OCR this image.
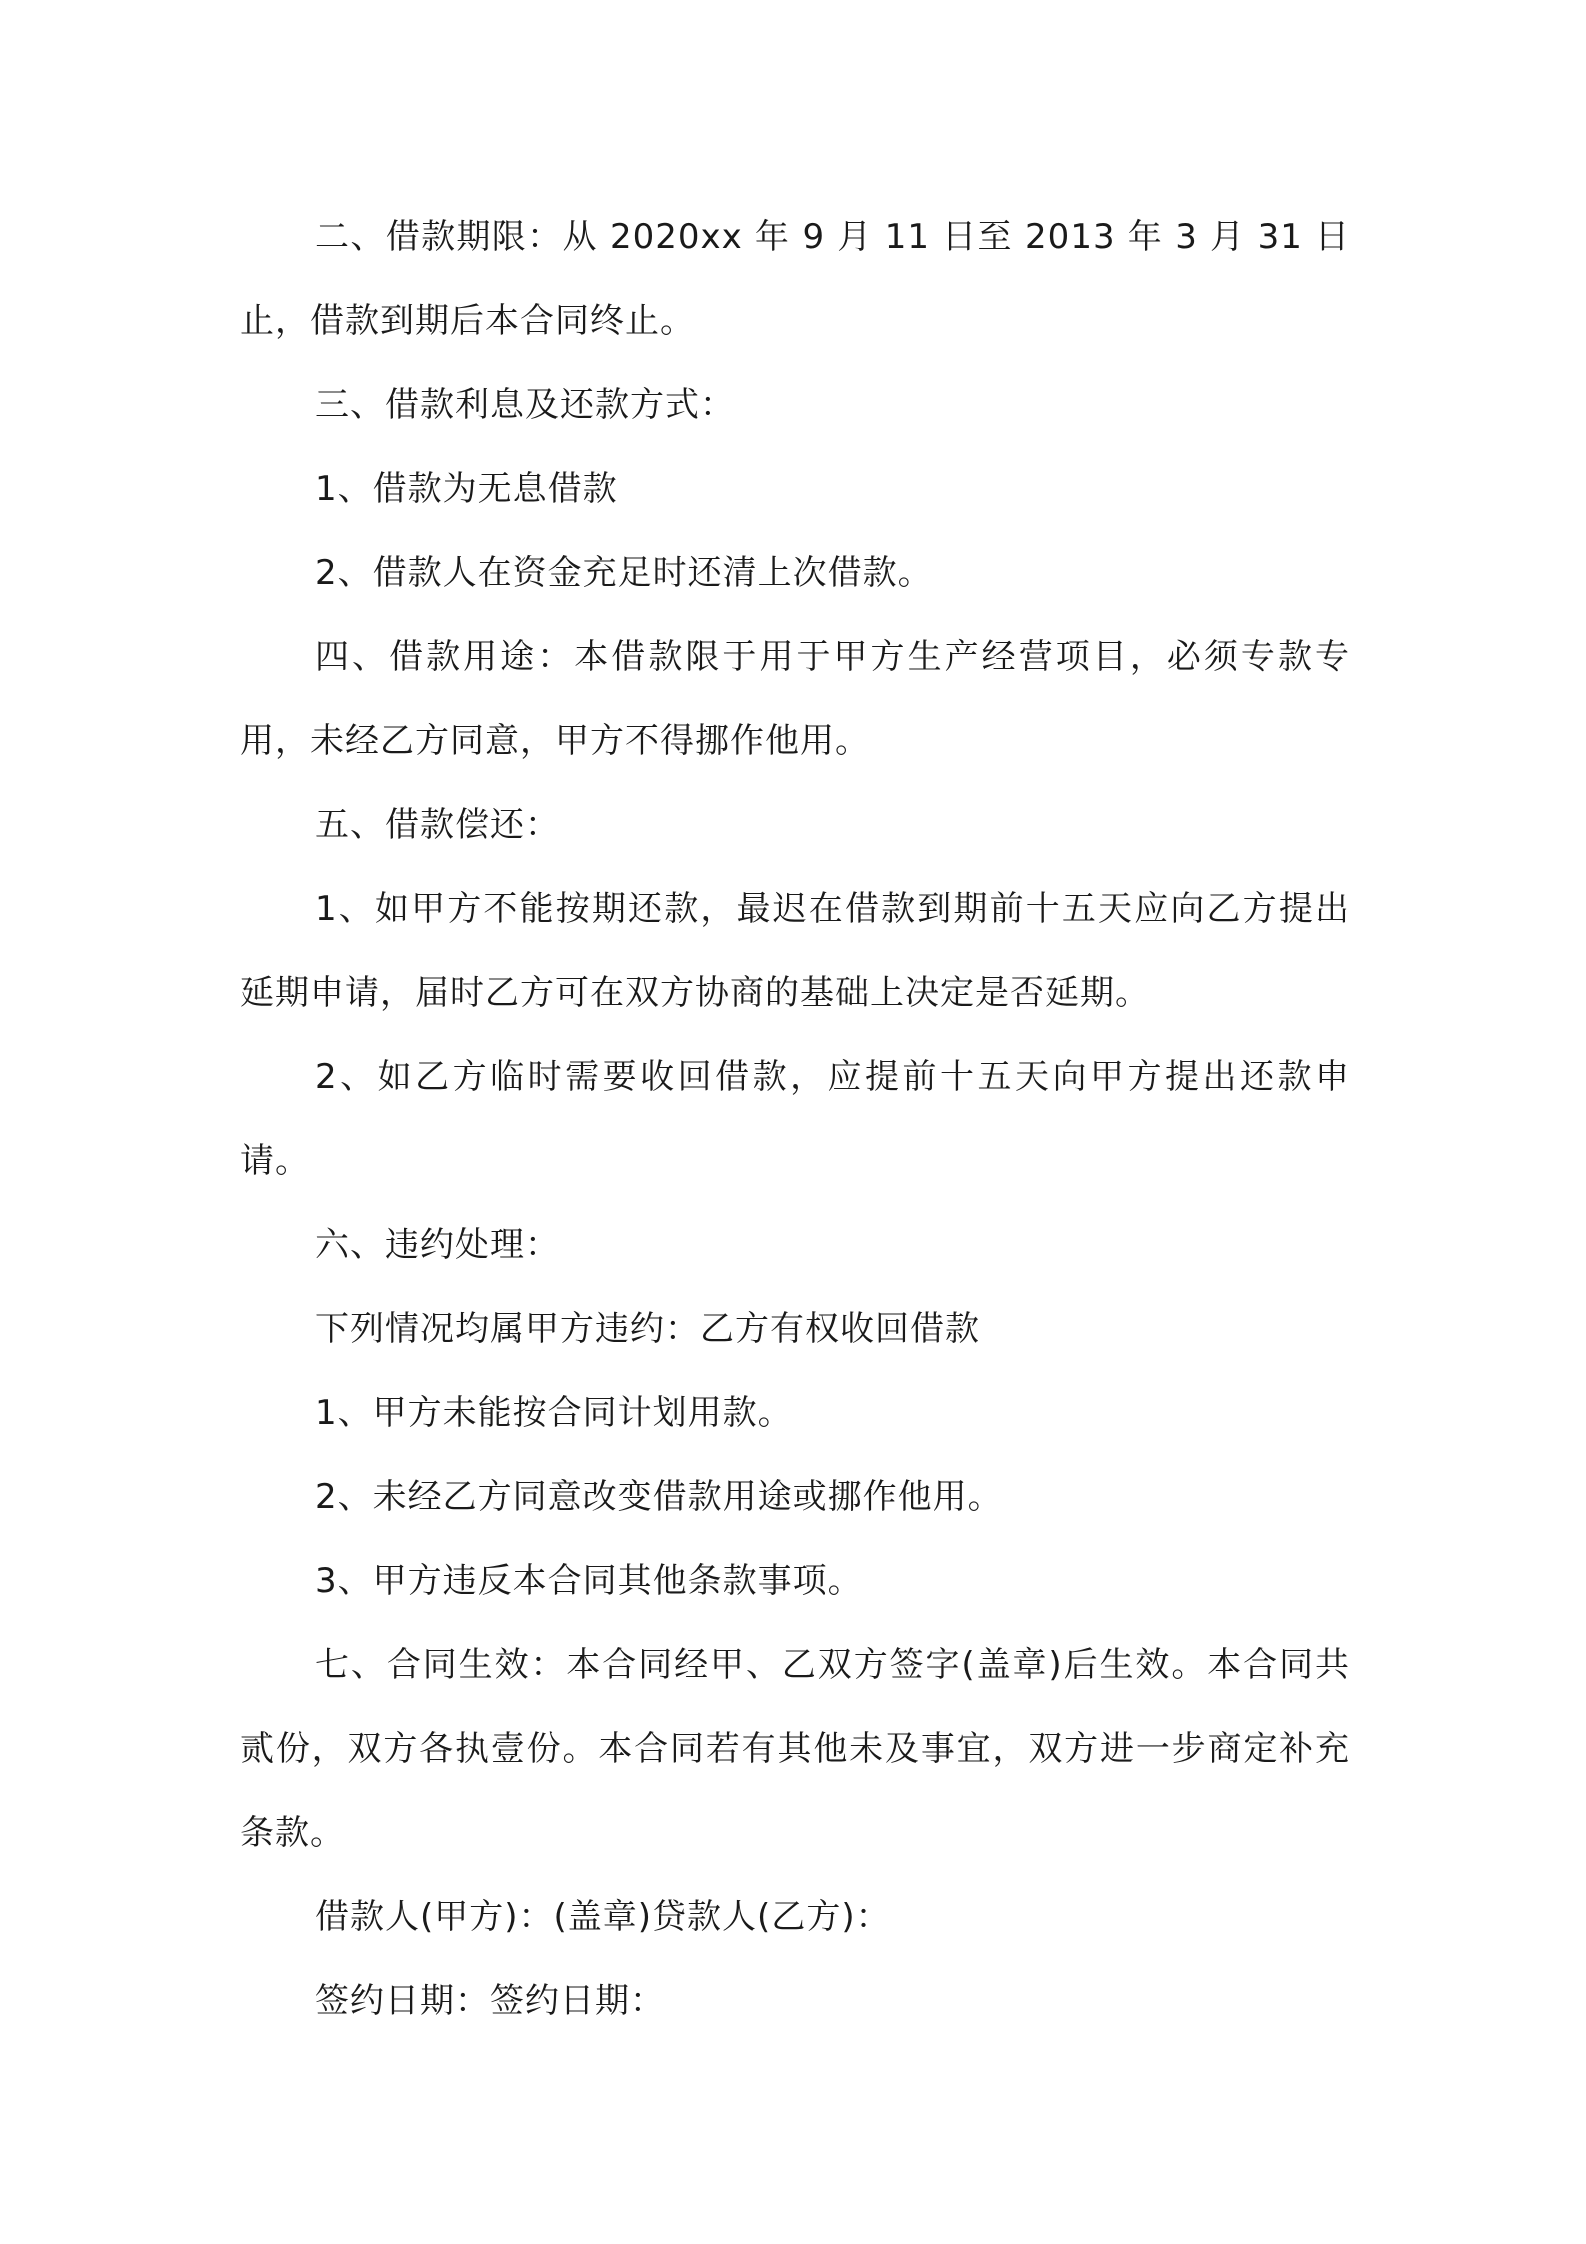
二、借款期限：从 2020xx 年 9 月 11 日至 2013 年 3 月 31 日止，借款到期后本合同终止。

三、借款利息及还款方式：

1、借款为无息借款

2、借款人在资金充足时还清上次借款。

四、借款用途：本借款限于用于甲方生产经营项目，必须专款专用，未经乙方同意，甲方不得挪作他用。

五、借款偿还：

1、如甲方不能按期还款，最迟在借款到期前十五天应向乙方提出延期申请，届时乙方可在双方协商的基础上决定是否延期。

2、如乙方临时需要收回借款，应提前十五天向甲方提出还款申请。

六、违约处理：

下列情况均属甲方违约：乙方有权收回借款

1、甲方未能按合同计划用款。

2、未经乙方同意改变借款用途或挪作他用。

3、甲方违反本合同其他条款事项。

七、合同生效：本合同经甲、乙双方签字(盖章)后生效。本合同共贰份，双方各执壹份。本合同若有其他未及事宜，双方进一步商定补充条款。

借款人(甲方)：(盖章)贷款人(乙方)：

签约日期：签约日期：
